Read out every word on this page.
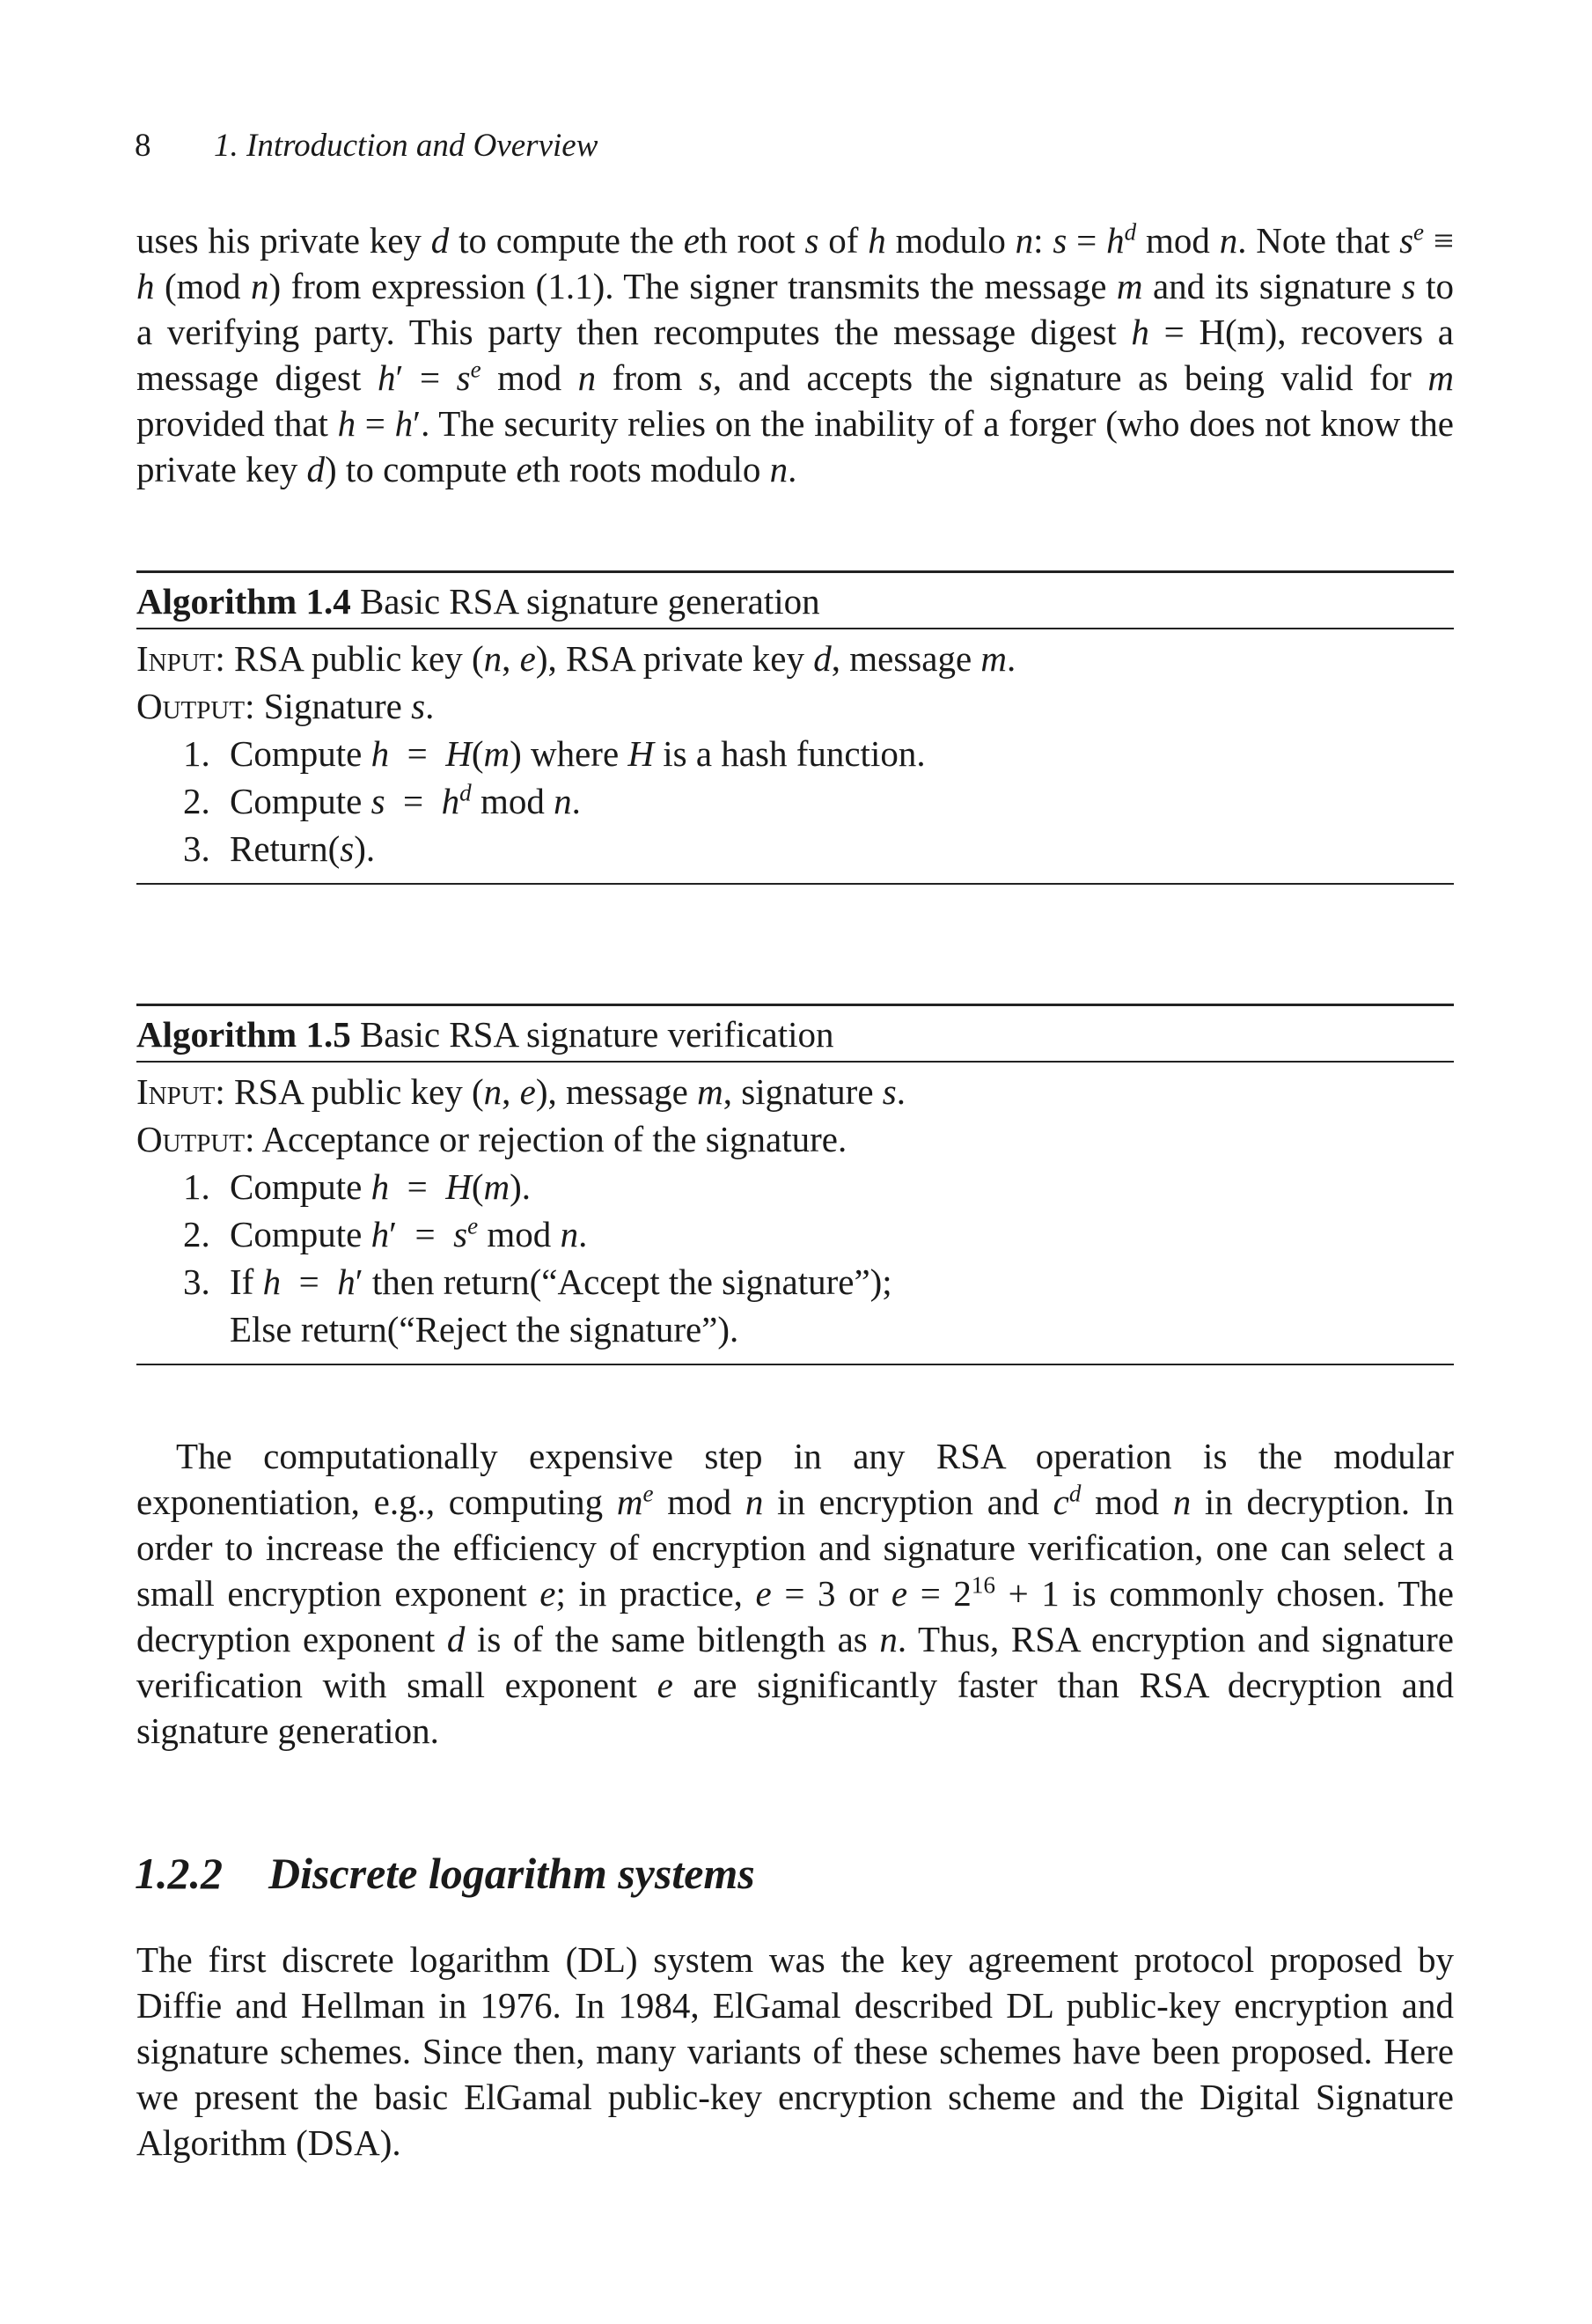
8 1. Introduction and Overview

uses his private key d to compute the eth root s of h modulo n: $s = h^d$ mod n. Note that $s^e \equiv h$ (mod n) from expression (1.1). The signer transmits the message m and its signature s to a verifying party. This party then recomputes the message digest h = H(m), recovers a message digest $h' = s^e$ mod n from s, and accepts the signature as being valid for m provided that h = h′. The security relies on the inability of a forger (who does not know the private key d) to compute eth roots modulo n.

Algorithm 1.4 Basic RSA signature generation
Input: RSA public key (n, e), RSA private key d, message m.
Output: Signature s.
1. Compute h  =  H(m) where H is a hash function.
2. Compute $s = h^d$ mod n.
3. Return(s).
Algorithm 1.5 Basic RSA signature verification
Input: RSA public key (n, e), message m, signature s.
Output: Acceptance or rejection of the signature.
1. Compute h  =  H(m).
2. Compute $h' = s^e$ mod n.
3. If h  =  h′ then return(“Accept the signature”);
Else return(“Reject the signature”).

The computationally expensive step in any RSA operation is the modular exponentiation, e.g., computing $m^e$ mod n in encryption and $c^d$ mod n in decryption. In order to increase the efficiency of encryption and signature verification, one can select a small encryption exponent e; in practice, e = 3 or $e = 2^{16} + 1$ is commonly chosen. The decryption exponent d is of the same bitlength as n. Thus, RSA encryption and signature verification with small exponent e are significantly faster than RSA decryption and signature generation.

1.2.2 Discrete logarithm systems

The first discrete logarithm (DL) system was the key agreement protocol proposed by Diffie and Hellman in 1976. In 1984, ElGamal described DL public-key encryption and signature schemes. Since then, many variants of these schemes have been proposed. Here we present the basic ElGamal public-key encryption scheme and the Digital Signature Algorithm (DSA).
